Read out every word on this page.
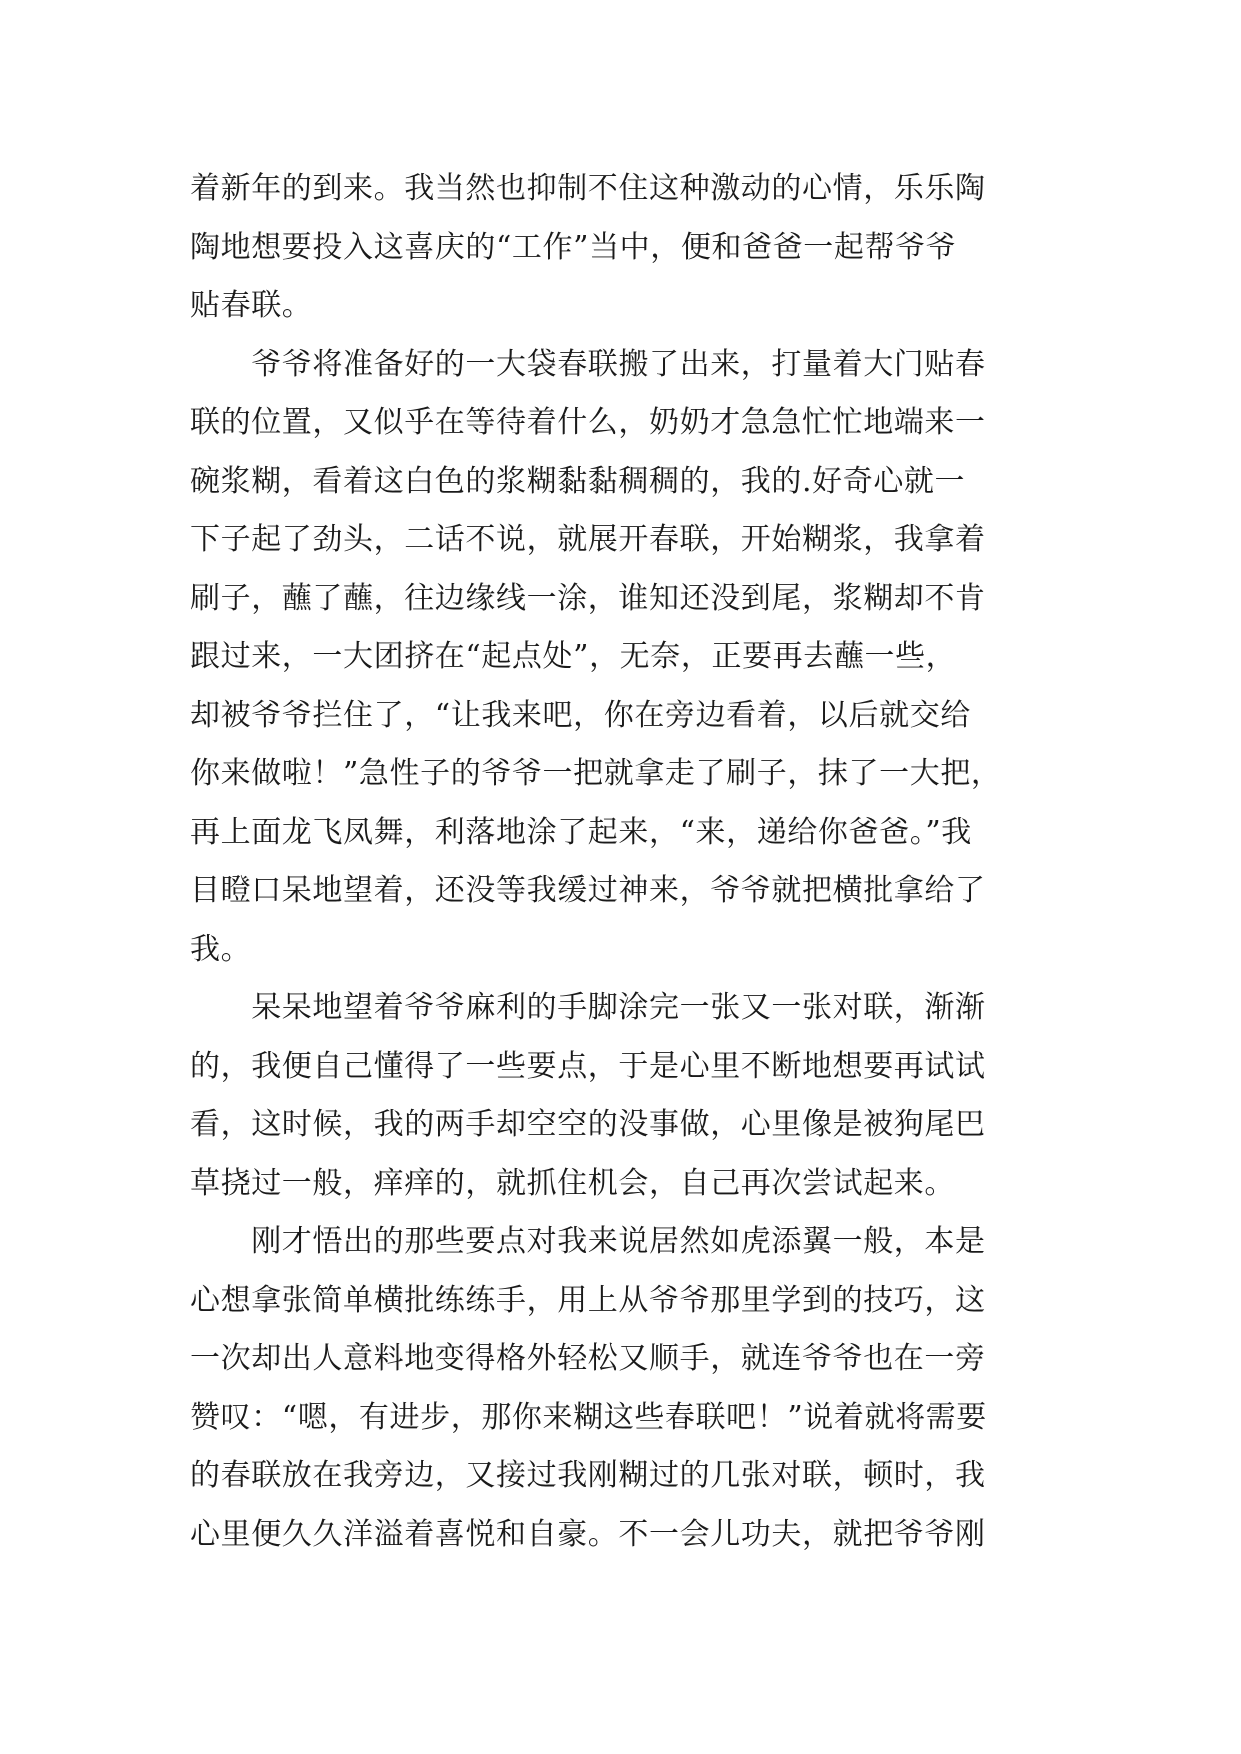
着新年的到来。我当然也抑制不住这种激动的心情，乐乐陶
陶地想要投入这喜庆的“工作”当中，便和爸爸一起帮爷爷
贴春联。
　　爷爷将准备好的一大袋春联搬了出来，打量着大门贴春
联的位置，又似乎在等待着什么，奶奶才急急忙忙地端来一
碗浆糊，看着这白色的浆糊黏黏稠稠的，我的.好奇心就一
下子起了劲头，二话不说，就展开春联，开始糊浆，我拿着
刷子，蘸了蘸，往边缘线一涂，谁知还没到尾，浆糊却不肯
跟过来，一大团挤在“起点处”，无奈，正要再去蘸一些，
却被爷爷拦住了，“让我来吧，你在旁边看着，以后就交给
你来做啦！”急性子的爷爷一把就拿走了刷子，抹了一大把，
再上面龙飞凤舞，利落地涂了起来，“来，递给你爸爸。”我
目瞪口呆地望着，还没等我缓过神来，爷爷就把横批拿给了
我。
　　呆呆地望着爷爷麻利的手脚涂完一张又一张对联，渐渐
的，我便自己懂得了一些要点，于是心里不断地想要再试试
看，这时候，我的两手却空空的没事做，心里像是被狗尾巴
草挠过一般，痒痒的，就抓住机会，自己再次尝试起来。
　　刚才悟出的那些要点对我来说居然如虎添翼一般，本是
心想拿张简单横批练练手，用上从爷爷那里学到的技巧，这
一次却出人意料地变得格外轻松又顺手，就连爷爷也在一旁
赞叹：“嗯，有进步，那你来糊这些春联吧！”说着就将需要
的春联放在我旁边，又接过我刚糊过的几张对联，顿时，我
心里便久久洋溢着喜悦和自豪。不一会儿功夫，就把爷爷刚
